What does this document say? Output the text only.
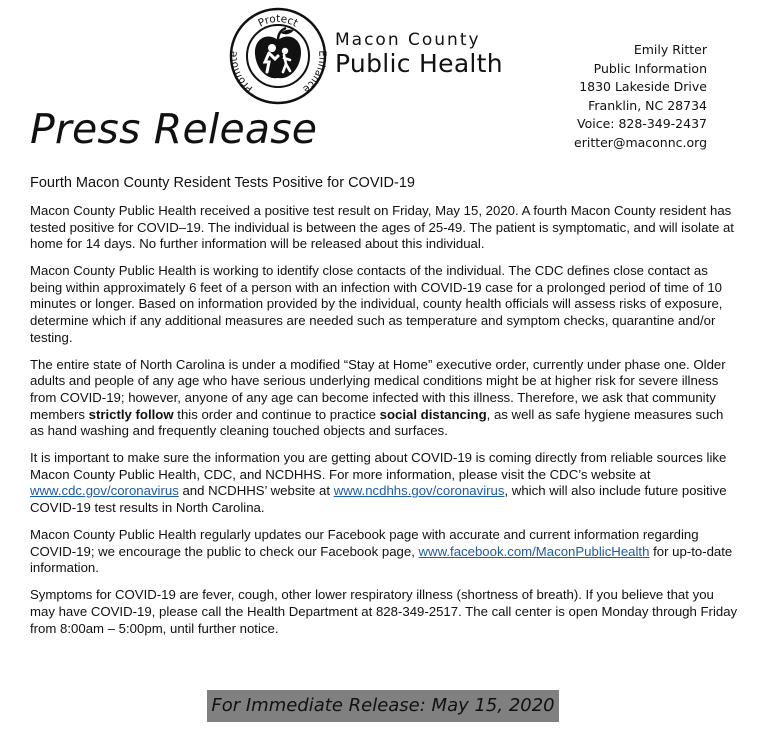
Protect
Promote	Enhance
Macon County
Public Health	Emily Ritter
Public Information
1830 Lakeside Drive
Franklin, NC 28734
Voice: 828-349-2437
eritter@maconnc.org
Press Release
Fourth Macon County Resident Tests Positive for COVID-19

Macon County Public Health received a positive test result on Friday, May 15, 2020. A fourth Macon County resident has tested positive for COVID–19. The individual is between the ages of 25-49. The patient is symptomatic, and will isolate at home for 14 days. No further information will be released about this individual.

Macon County Public Health is working to identify close contacts of the individual. The CDC defines close contact as being within approximately 6 feet of a person with an infection with COVID-19 case for a prolonged period of time of 10 minutes or longer. Based on information provided by the individual, county health officials will assess risks of exposure, determine which if any additional measures are needed such as temperature and symptom checks, quarantine and/or testing.

The entire state of North Carolina is under a modified “Stay at Home” executive order, currently under phase one. Older adults and people of any age who have serious underlying medical conditions might be at higher risk for severe illness from COVID-19; however, anyone of any age can become infected with this illness. Therefore, we ask that community members strictly follow this order and continue to practice social distancing, as well as safe hygiene measures such as hand washing and frequently cleaning touched objects and surfaces.

It is important to make sure the information you are getting about COVID-19 is coming directly from reliable sources like Macon County Public Health, CDC, and NCDHHS. For more information, please visit the CDC’s website at www.cdc.gov/coronavirus and NCDHHS’ website at www.ncdhhs.gov/coronavirus, which will also include future positive COVID-19 test results in North Carolina.

Macon County Public Health regularly updates our Facebook page with accurate and current information regarding COVID-19; we encourage the public to check our Facebook page, www.facebook.com/MaconPublicHealth for up-to-date information.

Symptoms for COVID-19 are fever, cough, other lower respiratory illness (shortness of breath). If you believe that you may have COVID-19, please call the Health Department at 828-349-2517. The call center is open Monday through Friday from 8:00am – 5:00pm, until further notice.

For Immediate Release: May 15, 2020
